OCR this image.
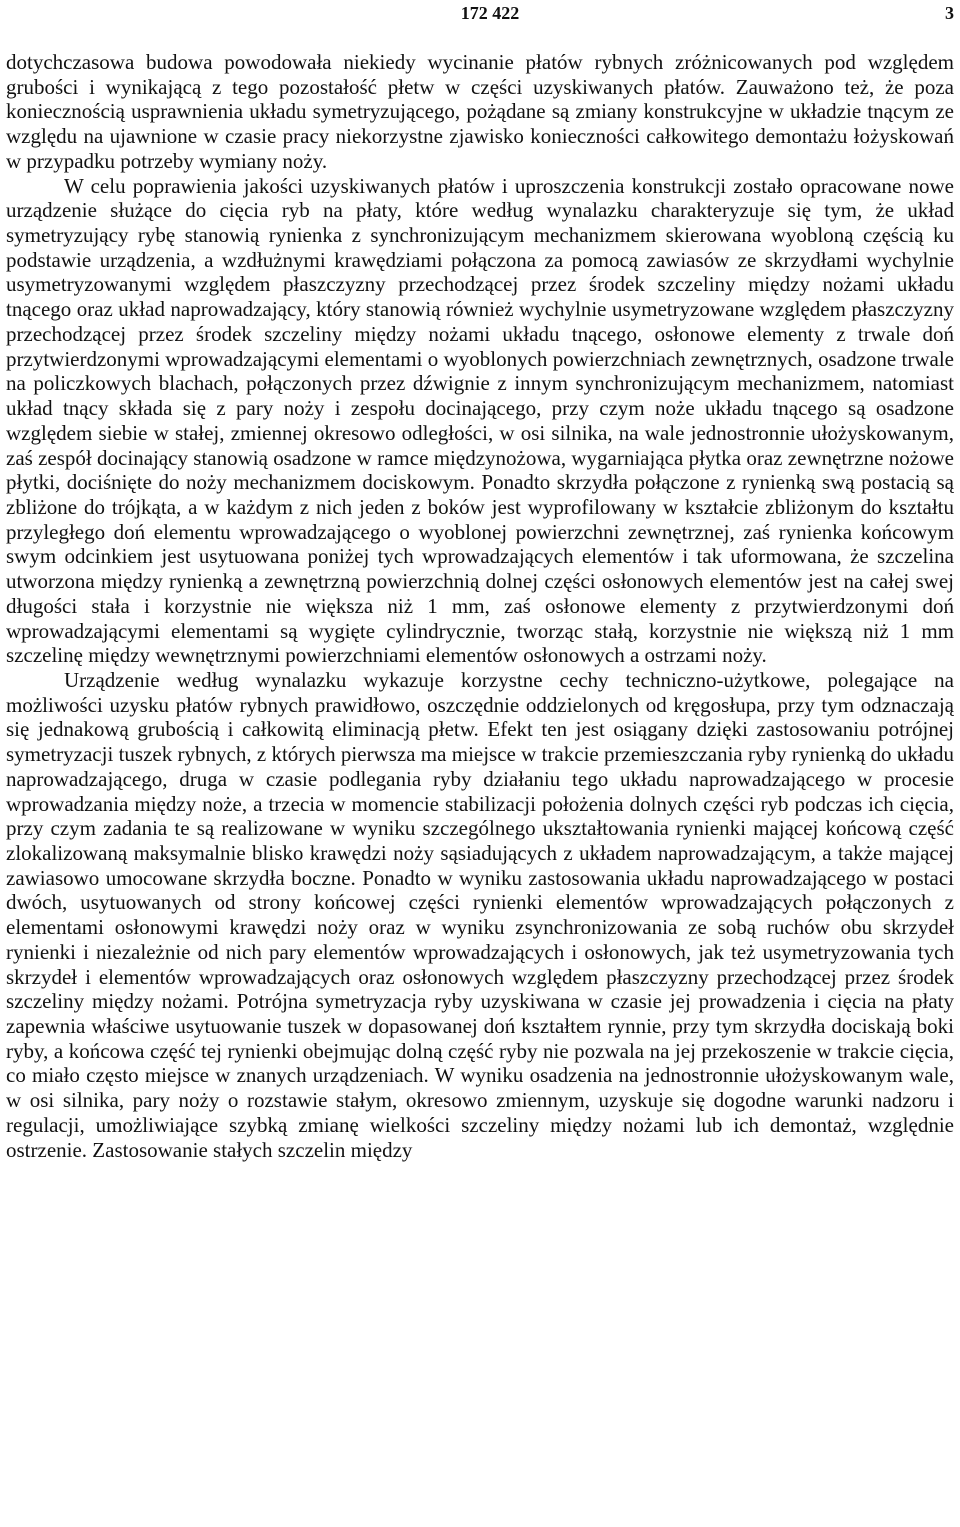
172 422	3

dotychczasowa budowa powodowała niekiedy wycinanie płatów rybnych zróżnicowanych pod względem grubości i wynikającą z tego pozostałość płetw w części uzyskiwanych płatów. Zauważono też, że poza koniecznością usprawnienia układu symetryzującego, pożądane są zmiany konstrukcyjne w układzie tnącym ze względu na ujawnione w czasie pracy niekorzystne zjawisko konieczności całkowitego demontażu łożyskowań w przypadku potrzeby wymiany noży.

W celu poprawienia jakości uzyskiwanych płatów i uproszczenia konstrukcji zostało opracowane nowe urządzenie służące do cięcia ryb na płaty, które według wynalazku charakteryzuje się tym, że układ symetryzujący rybę stanowią rynienka z synchronizującym mechanizmem skierowana wyobloną częścią ku podstawie urządzenia, a wzdłużnymi krawędziami połączona za pomocą zawiasów ze skrzydłami wychylnie usymetryzowanymi względem płaszczyzny przechodzącej przez środek szczeliny między nożami układu tnącego oraz układ naprowadzający, który stanowią również wychylnie usymetryzowane względem płaszczyzny przechodzącej przez środek szczeliny między nożami układu tnącego, osłonowe elementy z trwale doń przytwierdzonymi wprowadzającymi elementami o wyoblonych powierzchniach zewnętrznych, osadzone trwale na policzkowych blachach, połączonych przez dźwignie z innym synchronizującym mechanizmem, natomiast układ tnący składa się z pary noży i zespołu docinającego, przy czym noże układu tnącego są osadzone względem siebie w stałej, zmiennej okresowo odległości, w osi silnika, na wale jednostronnie ułożyskowanym, zaś zespół docinający stanowią osadzone w ramce międzynożowa, wygarniająca płytka oraz zewnętrzne nożowe płytki, dociśnięte do noży mechanizmem dociskowym. Ponadto skrzydła połączone z rynienką swą postacią są zbliżone do trójkąta, a w każdym z nich jeden z boków jest wyprofilowany w kształcie zbliżonym do kształtu przyległego doń elementu wprowadzającego o wyoblonej powierzchni zewnętrznej, zaś rynienka końcowym swym odcinkiem jest usytuowana poniżej tych wprowadzających elementów i tak uformowana, że szczelina utworzona między rynienką a zewnętrzną powierzchnią dolnej części osłonowych elementów jest na całej swej długości stała i korzystnie nie większa niż 1 mm, zaś osłonowe elementy z przytwierdzonymi doń wprowadzającymi elementami są wygięte cylindrycznie, tworząc stałą, korzystnie nie większą niż 1 mm szczelinę między wewnętrznymi powierzchniami elementów osłonowych a ostrzami noży.

Urządzenie według wynalazku wykazuje korzystne cechy techniczno-użytkowe, polegające na możliwości uzysku płatów rybnych prawidłowo, oszczędnie oddzielonych od kręgosłupa, przy tym odznaczają się jednakową grubością i całkowitą eliminacją płetw. Efekt ten jest osiągany dzięki zastosowaniu potrójnej symetryzacji tuszek rybnych, z których pierwsza ma miejsce w trakcie przemieszczania ryby rynienką do układu naprowadzającego, druga w czasie podlegania ryby działaniu tego układu naprowadzającego w procesie wprowadzania między noże, a trzecia w momencie stabilizacji położenia dolnych części ryb podczas ich cięcia, przy czym zadania te są realizowane w wyniku szczególnego ukształtowania rynienki mającej końcową część zlokalizowaną maksymalnie blisko krawędzi noży sąsiadujących z układem naprowadzającym, a także mającej zawiasowo umocowane skrzydła boczne. Ponadto w wyniku zastosowania układu naprowadzającego w postaci dwóch, usytuowanych od strony końcowej części rynienki elementów wprowadzających połączonych z elementami osłonowymi krawędzi noży oraz w wyniku zsynchronizowania ze sobą ruchów obu skrzydeł rynienki i niezależnie od nich pary elementów wprowadzających i osłonowych, jak też usymetryzowania tych skrzydeł i elementów wprowadzających oraz osłonowych względem płaszczyzny przechodzącej przez środek szczeliny między nożami. Potrójna symetryzacja ryby uzyskiwana w czasie jej prowadzenia i cięcia na płaty zapewnia właściwe usytuowanie tuszek w dopasowanej doń kształtem rynnie, przy tym skrzydła dociskają boki ryby, a końcowa część tej rynienki obejmując dolną część ryby nie pozwala na jej przekoszenie w trakcie cięcia, co miało często miejsce w znanych urządzeniach. W wyniku osadzenia na jednostronnie ułożyskowanym wale, w osi silnika, pary noży o rozstawie stałym, okresowo zmiennym, uzyskuje się dogodne warunki nadzoru i regulacji, umożliwiające szybką zmianę wielkości szczeliny między nożami lub ich demontaż, względnie ostrzenie. Zastosowanie stałych szczelin między
